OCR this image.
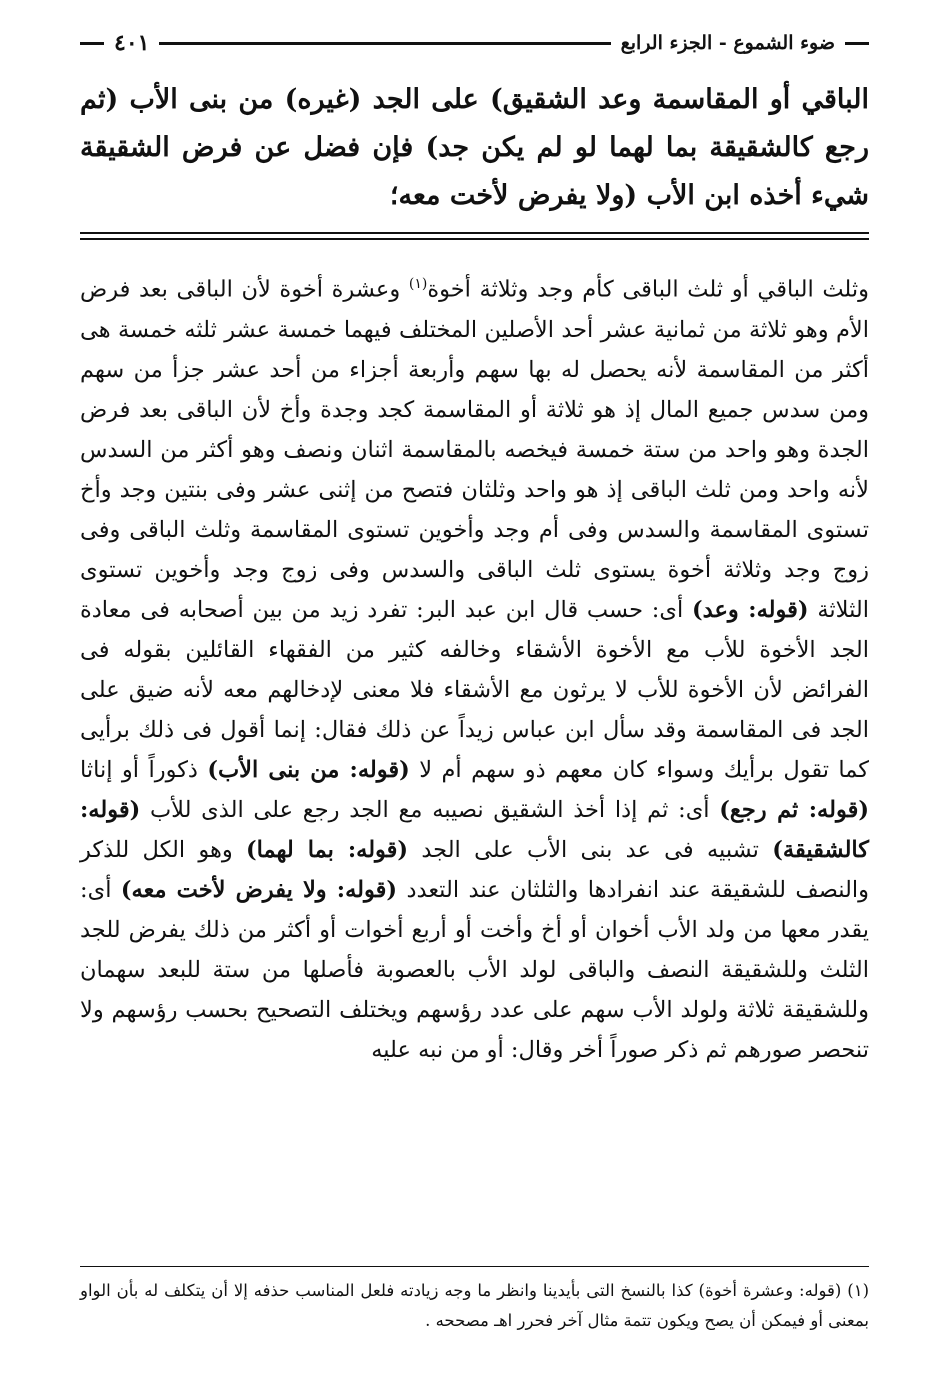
ضوء الشموع - الجزء الرابع
٤٠١
الباقي أو المقاسمة وعد الشقيق) على الجد (غيره) من بنى الأب (ثم رجع كالشقيقة بما لهما لو لم يكن جد) فإن فضل عن فرض الشقيقة شيء أخذه ابن الأب (ولا يفرض لأخت معه؛
وثلث الباقي أو ثلث الباقى كأم وجد وثلاثة أخوة$^{(١)}$ وعشرة أخوة لأن الباقى بعد فرض الأم وهو ثلاثة من ثمانية عشر أحد الأصلين المختلف فيهما خمسة عشر ثلثه خمسة هى أكثر من المقاسمة لأنه يحصل له بها سهم وأربعة أجزاء من أحد عشر جزأ من سهم ومن سدس جميع المال إذ هو ثلاثة أو المقاسمة كجد وجدة وأخ لأن الباقى بعد فرض الجدة وهو واحد من ستة خمسة فيخصه بالمقاسمة اثنان ونصف وهو أكثر من السدس لأنه واحد ومن ثلث الباقى إذ هو واحد وثلثان فتصح من إثنى عشر وفى بنتين وجد وأخ تستوى المقاسمة والسدس وفى أم وجد وأخوين تستوى المقاسمة وثلث الباقى وفى زوج وجد وثلاثة أخوة يستوى ثلث الباقى والسدس وفى زوج وجد وأخوين تستوى الثلاثة (قوله: وعد) أى: حسب قال ابن عبد البر: تفرد زيد من بين أصحابه فى معادة الجد الأخوة للأب مع الأخوة الأشقاء وخالفه كثير من الفقهاء القائلين بقوله فى الفرائض لأن الأخوة للأب لا يرثون مع الأشقاء فلا معنى لإدخالهم معه لأنه ضيق على الجد فى المقاسمة وقد سأل ابن عباس زيداً عن ذلك فقال: إنما أقول فى ذلك برأيى كما تقول برأيك وسواء كان معهم ذو سهم أم لا (قوله: من بنى الأب) ذكوراً أو إناثا (قوله: ثم رجع) أى: ثم إذا أخذ الشقيق نصيبه مع الجد رجع على الذى للأب (قوله: كالشقيقة) تشبيه فى عد بنى الأب على الجد (قوله: بما لهما) وهو الكل للذكر والنصف للشقيقة عند انفرادها والثلثان عند التعدد (قوله: ولا يفرض لأخت معه) أى: يقدر معها من ولد الأب أخوان أو أخ وأخت أو أربع أخوات أو أكثر من ذلك يفرض للجد الثلث وللشقيقة النصف والباقى لولد الأب بالعصوبة فأصلها من ستة للبعد سهمان وللشقيقة ثلاثة ولولد الأب سهم على عدد رؤسهم ويختلف التصحيح بحسب رؤسهم ولا تنحصر صورهم ثم ذكر صوراً أخر وقال: أو من نبه عليه
(١) (قوله: وعشرة أخوة) كذا بالنسخ التى بأيدينا وانظر ما وجه زيادته فلعل المناسب حذفه إلا أن يتكلف له بأن الواو بمعنى أو فيمكن أن يصح ويكون تتمة مثال آخر فحرر اهـ مصححه .
